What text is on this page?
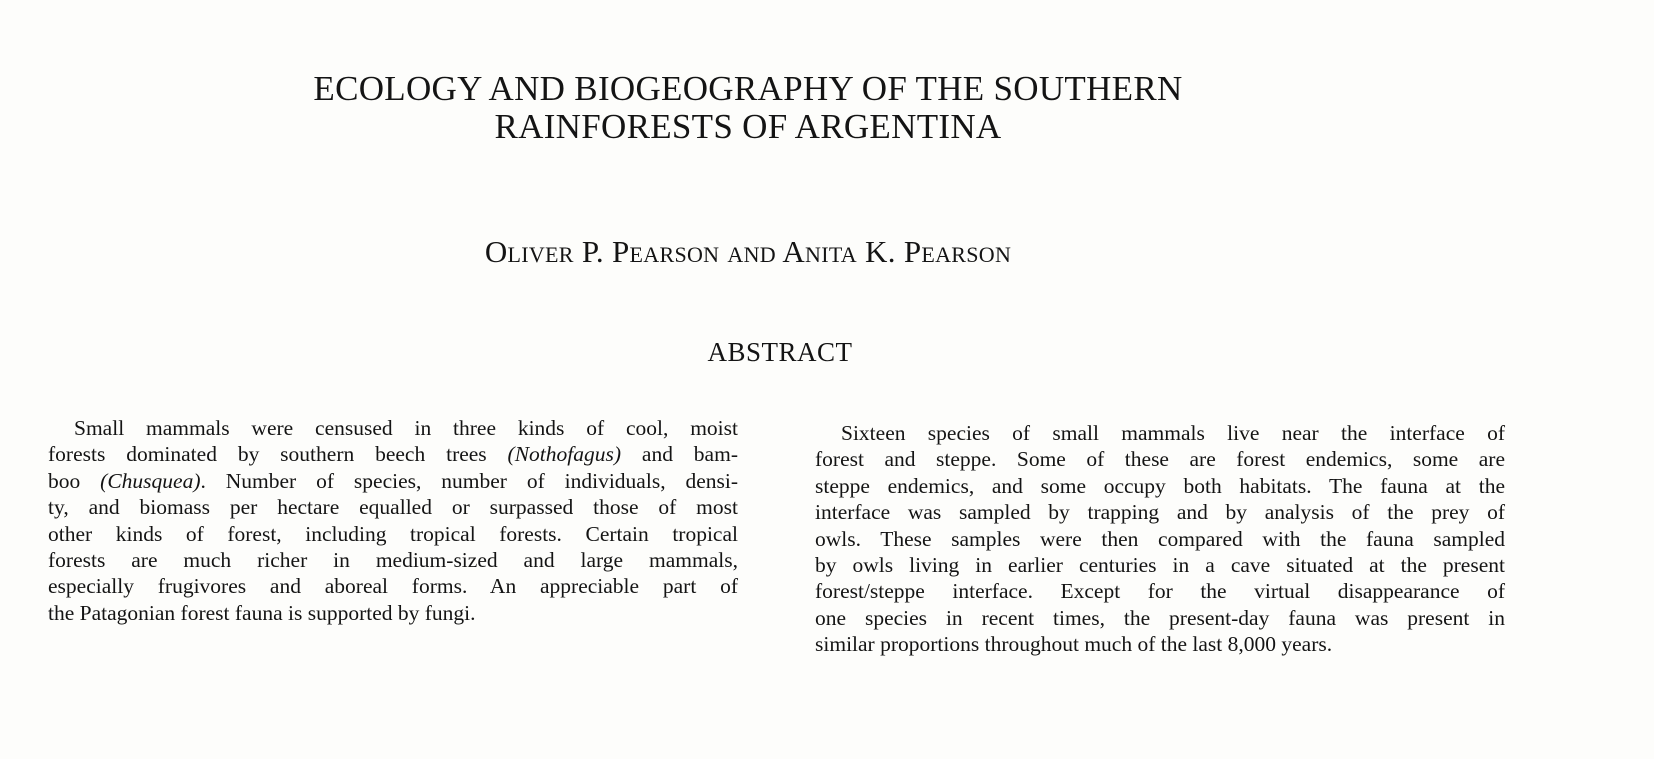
ECOLOGY AND BIOGEOGRAPHY OF THE SOUTHERN
RAINFORESTS OF ARGENTINA
Oliver P. Pearson and Anita K. Pearson
ABSTRACT
Small mammals were censused in three kinds of cool, moist
forests dominated by southern beech trees (Nothofagus) and bam-
boo (Chusquea). Number of species, number of individuals, densi-
ty, and biomass per hectare equalled or surpassed those of most
other kinds of forest, including tropical forests. Certain tropical
forests are much richer in medium-sized and large mammals,
especially frugivores and aboreal forms. An appreciable part of
the Patagonian forest fauna is supported by fungi.
Sixteen species of small mammals live near the interface of
forest and steppe. Some of these are forest endemics, some are
steppe endemics, and some occupy both habitats. The fauna at the
interface was sampled by trapping and by analysis of the prey of
owls. These samples were then compared with the fauna sampled
by owls living in earlier centuries in a cave situated at the present
forest/steppe interface. Except for the virtual disappearance of
one species in recent times, the present-day fauna was present in
similar proportions throughout much of the last 8,000 years.
